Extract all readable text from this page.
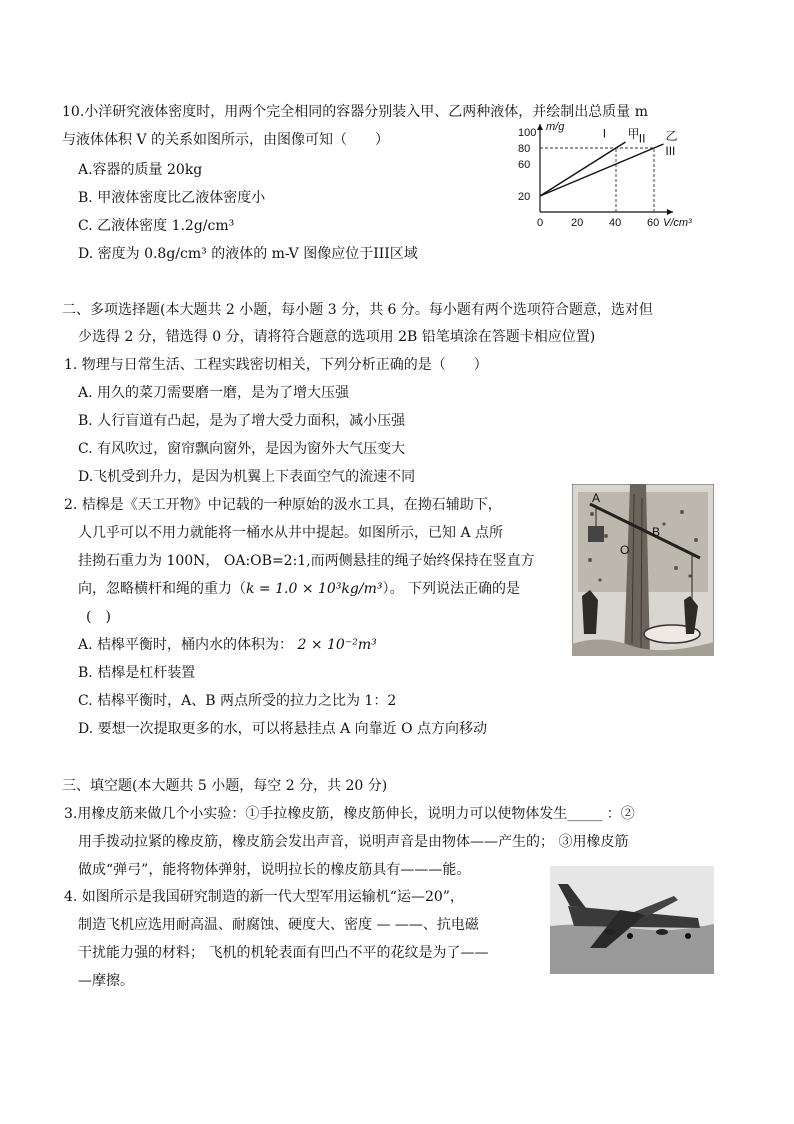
10.小洋研究液体密度时，用两个完全相同的容器分别装入甲、乙两种液体，并绘制出总质量 m
与液体体积 V 的关系如图所示，由图像可知（　　）
A.容器的质量 20kg
B. 甲液体密度比乙液体密度小
C. 乙液体密度 1.2g/cm³
D. 密度为 0.8g/cm³ 的液体的 m-V 图像应位于III区域
甲 乙
I	II
III
0	20 40 60
20
60
80
100 m/g
V/cm³
二、多项选择题(本大题共 2 小题，每小题 3 分，共 6 分。每小题有两个选项符合题意，选对但
少选得 2 分，错选得 0 分，请将符合题意的选项用 2B 铅笔填涂在答题卡相应位置)
1. 物理与日常生活、工程实践密切相关，下列分析正确的是（　　）
A. 用久的菜刀需要磨一磨，是为了增大压强
B. 人行盲道有凸起，是为了增大受力面积，减小压强
C. 有风吹过，窗帘飘向窗外，是因为窗外大气压变大
D.飞机受到升力，是因为机翼上下表面空气的流速不同
2. 桔槔是《天工开物》中记载的一种原始的汲水工具，在拗石辅助下，
人几乎可以不用力就能将一桶水从井中提起。如图所示，已知 A 点所
挂拗石重力为 100N， OA:OB=2:1,而两侧悬挂的绳子始终保持在竖直方
向，忽略横杆和绳的重力（k = 1.0 × 10³kg/m³）。 下列说法正确的是
(　)
A. 桔槔平衡时，桶内水的体积为： 2 × 10⁻²m³
B. 桔槔是杠杆装置
C. 桔槔平衡时，A、B 两点所受的拉力之比为 1：2
D. 要想一次提取更多的水，可以将悬挂点 A 向靠近 O 点方向移动
A
O
B
三、填空题(本大题共 5 小题，每空 2 分，共 20 分)
3.用橡皮筋来做几个小实验：①手拉橡皮筋，橡皮筋伸长，说明力可以使物体发生_____ ：②
用手拨动拉紧的橡皮筋，橡皮筋会发出声音，说明声音是由物体——产生的； ③用橡皮筋
做成“弹弓”，能将物体弹射，说明拉长的橡皮筋具有———能。
4. 如图所示是我国研究制造的新一代大型军用运输机“运—20”，
制造飞机应选用耐高温、耐腐蚀、硬度大、密度 — ——、抗电磁
干扰能力强的材料； 飞机的机轮表面有凹凸不平的花纹是为了——
—摩擦。
